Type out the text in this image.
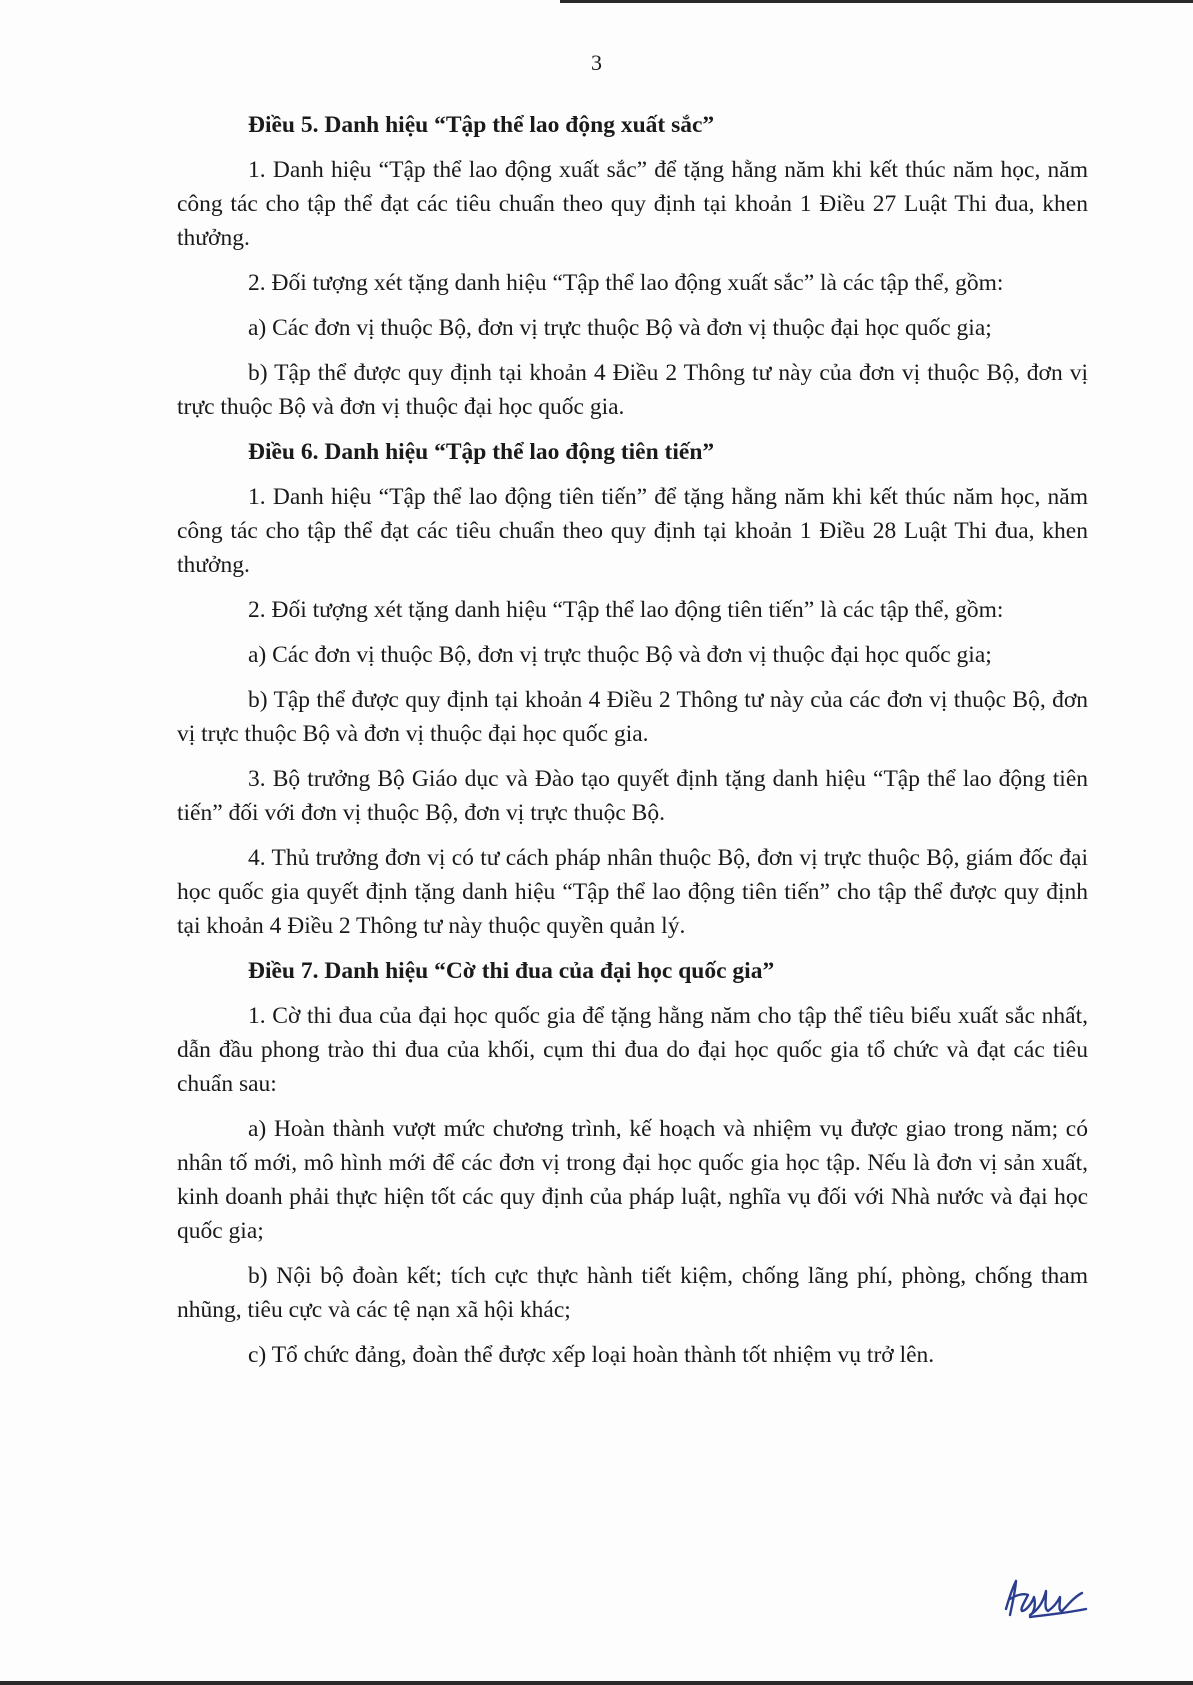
3

Điều 5. Danh hiệu “Tập thể lao động xuất sắc”

1. Danh hiệu “Tập thể lao động xuất sắc” để tặng hằng năm khi kết thúc năm học, năm công tác cho tập thể đạt các tiêu chuẩn theo quy định tại khoản 1 Điều 27 Luật Thi đua, khen thưởng.

2. Đối tượng xét tặng danh hiệu “Tập thể lao động xuất sắc” là các tập thể, gồm:

a) Các đơn vị thuộc Bộ, đơn vị trực thuộc Bộ và đơn vị thuộc đại học quốc gia;

b) Tập thể được quy định tại khoản 4 Điều 2 Thông tư này của đơn vị thuộc Bộ, đơn vị trực thuộc Bộ và đơn vị thuộc đại học quốc gia.

Điều 6. Danh hiệu “Tập thể lao động tiên tiến”

1. Danh hiệu “Tập thể lao động tiên tiến” để tặng hằng năm khi kết thúc năm học, năm công tác cho tập thể đạt các tiêu chuẩn theo quy định tại khoản 1 Điều 28 Luật Thi đua, khen thưởng.

2. Đối tượng xét tặng danh hiệu “Tập thể lao động tiên tiến” là các tập thể, gồm:

a) Các đơn vị thuộc Bộ, đơn vị trực thuộc Bộ và đơn vị thuộc đại học quốc gia;

b) Tập thể được quy định tại khoản 4 Điều 2 Thông tư này của các đơn vị thuộc Bộ, đơn vị trực thuộc Bộ và đơn vị thuộc đại học quốc gia.

3. Bộ trưởng Bộ Giáo dục và Đào tạo quyết định tặng danh hiệu “Tập thể lao động tiên tiến” đối với đơn vị thuộc Bộ, đơn vị trực thuộc Bộ.

4. Thủ trưởng đơn vị có tư cách pháp nhân thuộc Bộ, đơn vị trực thuộc Bộ, giám đốc đại học quốc gia quyết định tặng danh hiệu “Tập thể lao động tiên tiến” cho tập thể được quy định tại khoản 4 Điều 2 Thông tư này thuộc quyền quản lý.

Điều 7. Danh hiệu “Cờ thi đua của đại học quốc gia”

1. Cờ thi đua của đại học quốc gia để tặng hằng năm cho tập thể tiêu biểu xuất sắc nhất, dẫn đầu phong trào thi đua của khối, cụm thi đua do đại học quốc gia tổ chức và đạt các tiêu chuẩn sau:

a) Hoàn thành vượt mức chương trình, kế hoạch và nhiệm vụ được giao trong năm; có nhân tố mới, mô hình mới để các đơn vị trong đại học quốc gia học tập. Nếu là đơn vị sản xuất, kinh doanh phải thực hiện tốt các quy định của pháp luật, nghĩa vụ đối với Nhà nước và đại học quốc gia;

b) Nội bộ đoàn kết; tích cực thực hành tiết kiệm, chống lãng phí, phòng, chống tham nhũng, tiêu cực và các tệ nạn xã hội khác;

c) Tổ chức đảng, đoàn thể được xếp loại hoàn thành tốt nhiệm vụ trở lên.
